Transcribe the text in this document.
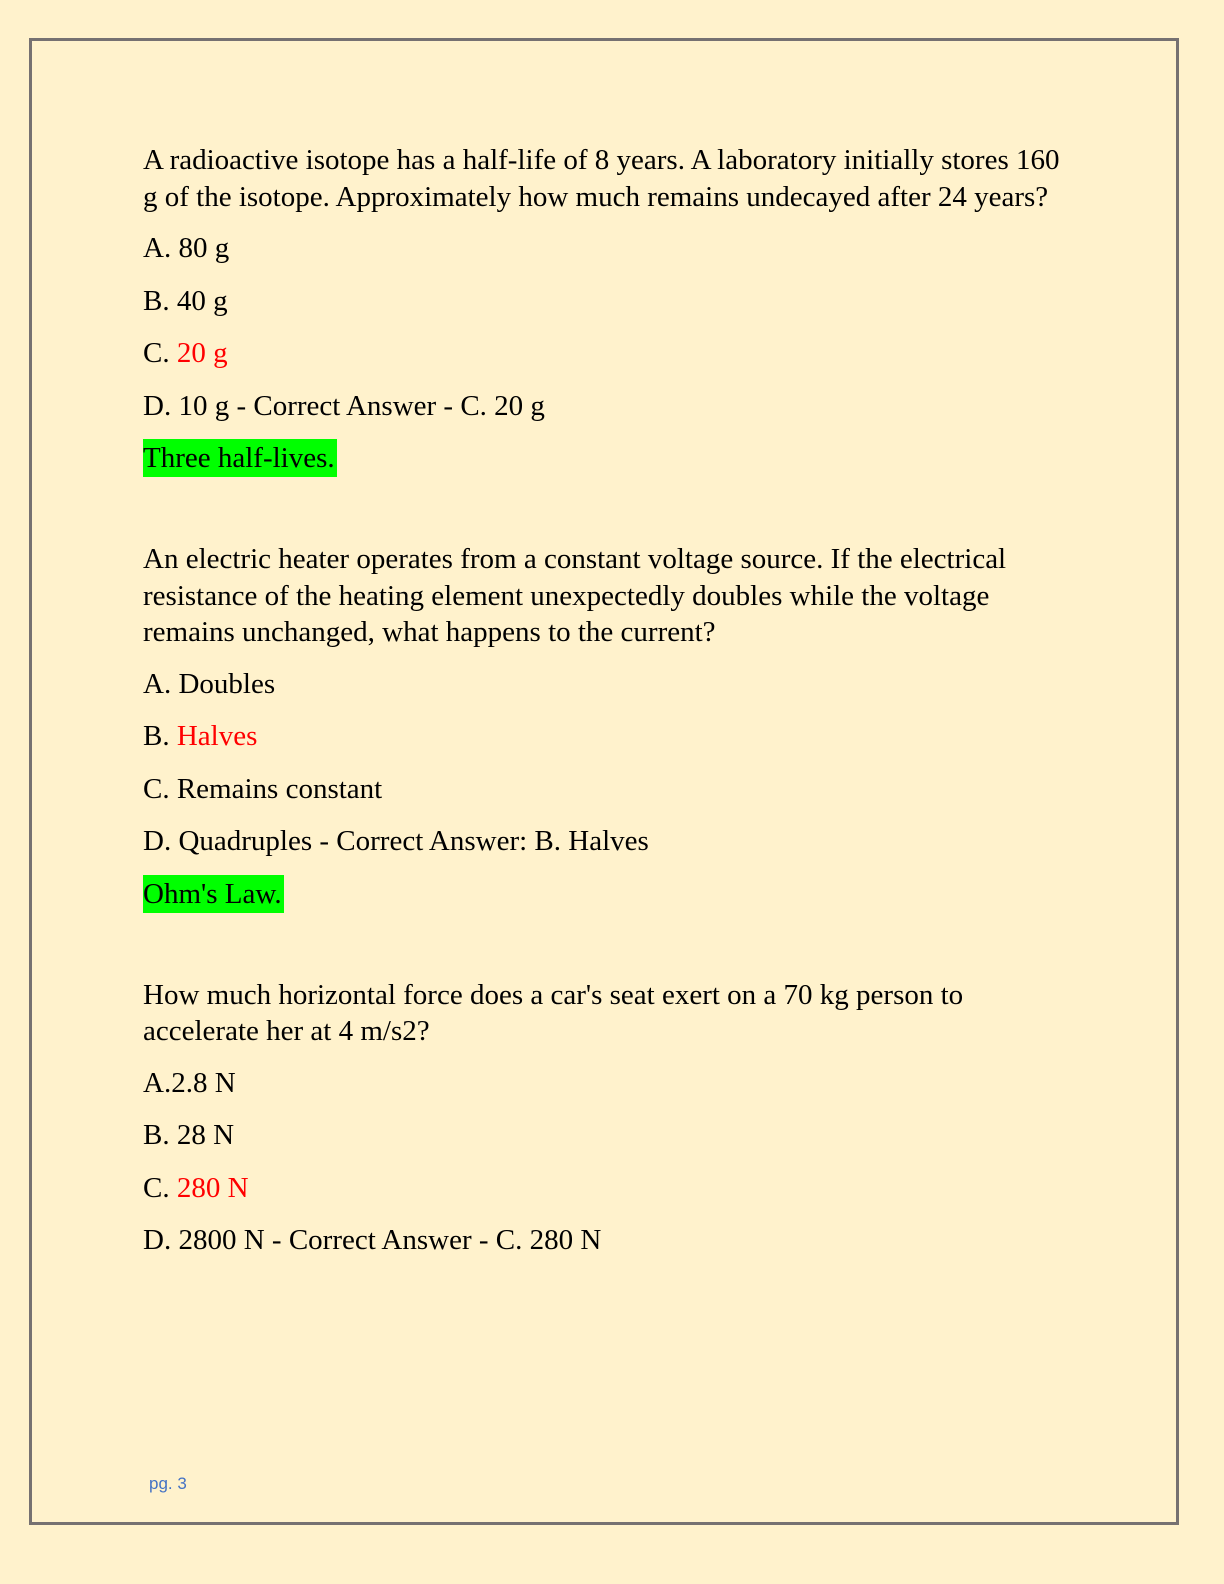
A radioactive isotope has a half-life of 8 years. A laboratory initially stores 160 g of the isotope. Approximately how much remains undecayed after 24 years?

A. 80 g

B. 40 g

C. 20 g

D. 10 g - Correct Answer - C. 20 g

Three half-lives.

An electric heater operates from a constant voltage source. If the electrical resistance of the heating element unexpectedly doubles while the voltage remains unchanged, what happens to the current?

A. Doubles

B. Halves

C. Remains constant

D. Quadruples - Correct Answer: B. Halves

Ohm's Law.

How much horizontal force does a car's seat exert on a 70 kg person to accelerate her at 4 m/s2?

A.2.8 N

B. 28 N

C. 280 N

D. 2800 N - Correct Answer - C. 280 N

pg. 3
